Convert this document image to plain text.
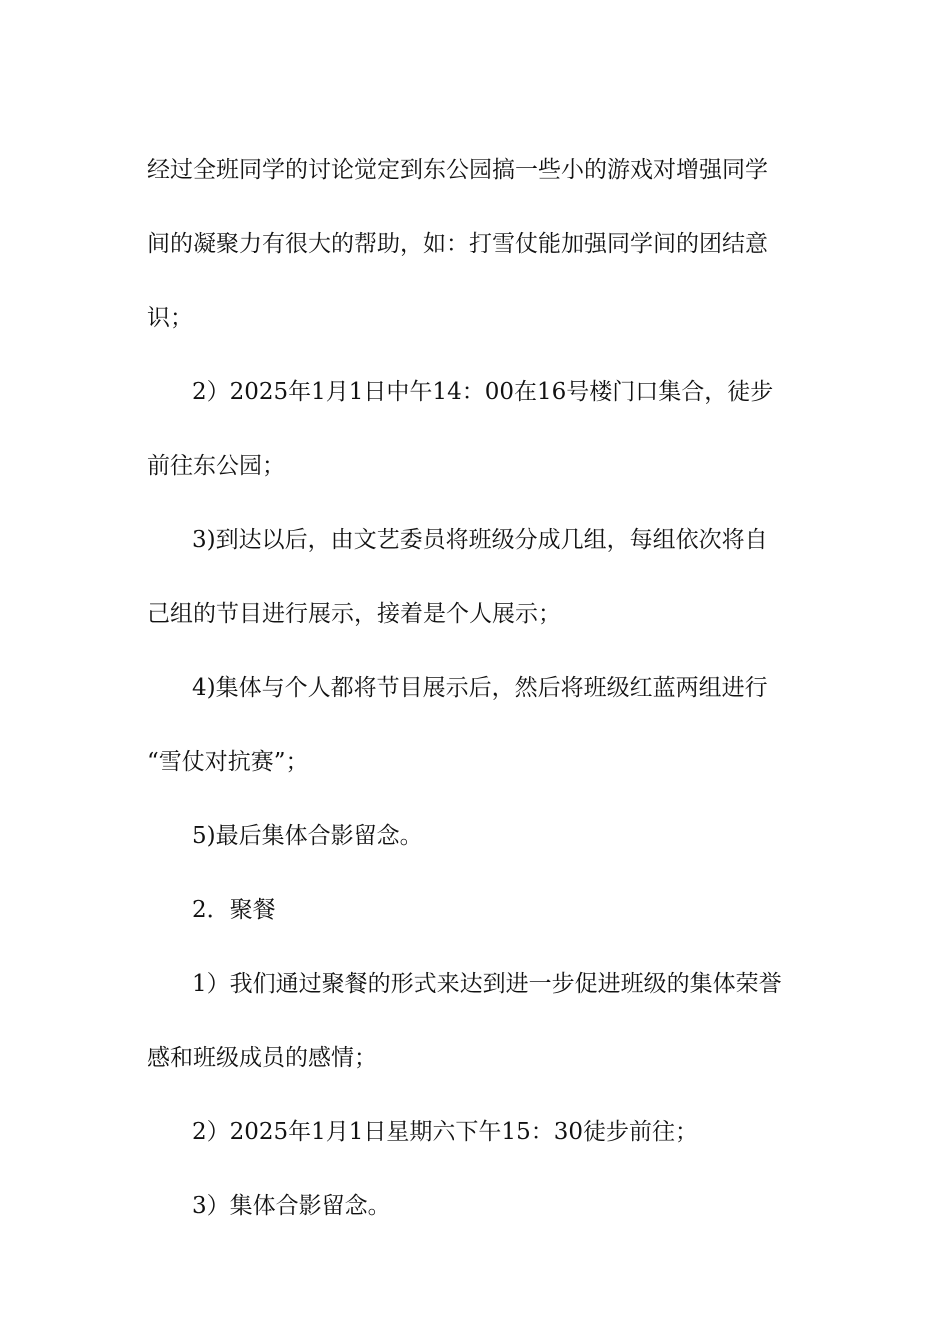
经过全班同学的讨论觉定到东公园搞一些小的游戏对增强同学
间的凝聚力有很大的帮助，如：打雪仗能加强同学间的团结意
识；
2）2025年1月1日中午14：00在16号楼门口集合，徒步
前往东公园；
3)到达以后，由文艺委员将班级分成几组，每组依次将自
己组的节目进行展示，接着是个人展示；
4)集体与个人都将节目展示后，然后将班级红蓝两组进行
“雪仗对抗赛”；
5)最后集体合影留念。
2．聚餐
1）我们通过聚餐的形式来达到进一步促进班级的集体荣誉
感和班级成员的感情；
2）2025年1月1日星期六下午15：30徒步前往；
3）集体合影留念。
